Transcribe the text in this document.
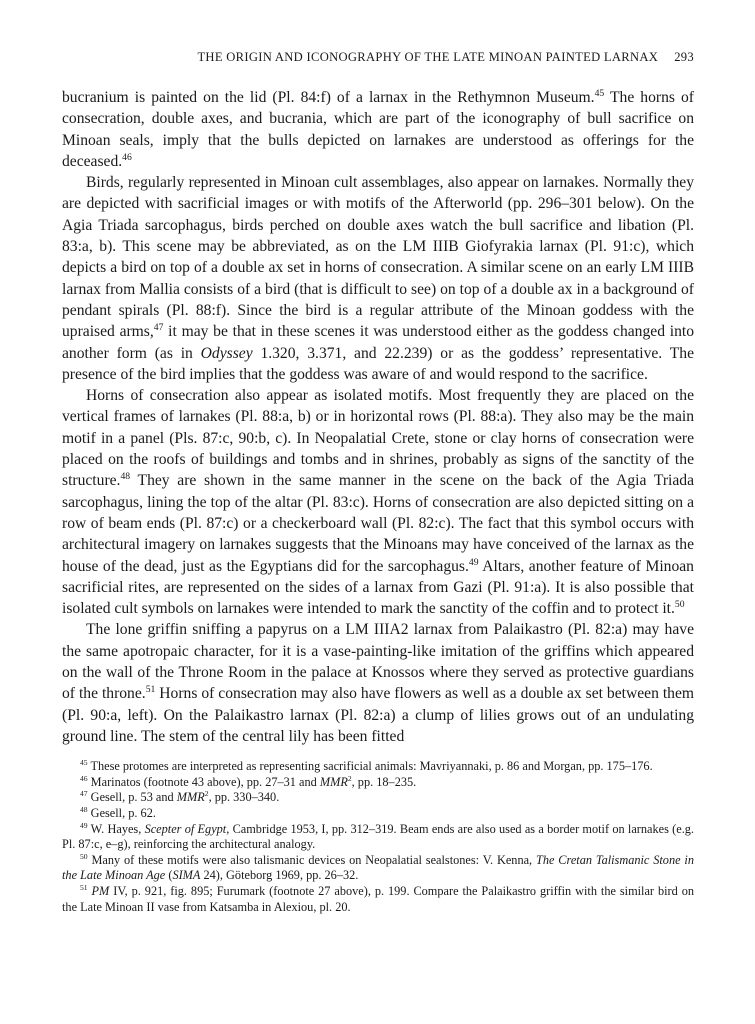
THE ORIGIN AND ICONOGRAPHY OF THE LATE MINOAN PAINTED LARNAX	293

bucranium is painted on the lid (Pl. 84:f) of a larnax in the Rethymnon Museum.$^{45}$ The horns of consecration, double axes, and bucrania, which are part of the iconography of bull sacrifice on Minoan seals, imply that the bulls depicted on larnakes are understood as offerings for the deceased.$^{46}$

Birds, regularly represented in Minoan cult assemblages, also appear on larnakes. Normally they are depicted with sacrificial images or with motifs of the Afterworld (pp. 296–301 below). On the Agia Triada sarcophagus, birds perched on double axes watch the bull sacrifice and libation (Pl. 83:a, b). This scene may be abbreviated, as on the LM IIIB Giofyrakia larnax (Pl. 91:c), which depicts a bird on top of a double ax set in horns of consecration. A similar scene on an early LM IIIB larnax from Mallia consists of a bird (that is difficult to see) on top of a double ax in a background of pendant spirals (Pl. 88:f). Since the bird is a regular attribute of the Minoan goddess with the upraised arms,$^{47}$ it may be that in these scenes it was understood either as the goddess changed into another form (as in Odyssey 1.320, 3.371, and 22.239) or as the goddess’ representative. The presence of the bird implies that the goddess was aware of and would respond to the sacrifice.

Horns of consecration also appear as isolated motifs. Most frequently they are placed on the vertical frames of larnakes (Pl. 88:a, b) or in horizontal rows (Pl. 88:a). They also may be the main motif in a panel (Pls. 87:c, 90:b, c). In Neopalatial Crete, stone or clay horns of consecration were placed on the roofs of buildings and tombs and in shrines, probably as signs of the sanctity of the structure.$^{48}$ They are shown in the same manner in the scene on the back of the Agia Triada sarcophagus, lining the top of the altar (Pl. 83:c). Horns of consecration are also depicted sitting on a row of beam ends (Pl. 87:c) or a checkerboard wall (Pl. 82:c). The fact that this symbol occurs with architectural imagery on larnakes suggests that the Minoans may have conceived of the larnax as the house of the dead, just as the Egyptians did for the sarcophagus.$^{49}$ Altars, another feature of Minoan sacrificial rites, are represented on the sides of a larnax from Gazi (Pl. 91:a). It is also possible that isolated cult symbols on larnakes were intended to mark the sanctity of the coffin and to protect it.$^{50}$

The lone griffin sniffing a papyrus on a LM IIIA2 larnax from Palaikastro (Pl. 82:a) may have the same apotropaic character, for it is a vase-painting-like imitation of the griffins which appeared on the wall of the Throne Room in the palace at Knossos where they served as protective guardians of the throne.$^{51}$ Horns of consecration may also have flowers as well as a double ax set between them (Pl. 90:a, left). On the Palaikastro larnax (Pl. 82:a) a clump of lilies grows out of an undulating ground line. The stem of the central lily has been fitted

$^{45}$ These protomes are interpreted as representing sacrificial animals: Mavriyannaki, p. 86 and Morgan, pp. 175–176.

$^{46}$ Marinatos (footnote 43 above), pp. 27–31 and MMR$^2$, pp. 18–235.

$^{47}$ Gesell, p. 53 and MMR$^2$, pp. 330–340.

$^{48}$ Gesell, p. 62.

$^{49}$ W. Hayes, Scepter of Egypt, Cambridge 1953, I, pp. 312–319. Beam ends are also used as a border motif on larnakes (e.g. Pl. 87:c, e–g), reinforcing the architectural analogy.

$^{50}$ Many of these motifs were also talismanic devices on Neopalatial sealstones: V. Kenna, The Cretan Talismanic Stone in the Late Minoan Age (SIMA 24), Göteborg 1969, pp. 26–32.

$^{51}$ PM IV, p. 921, fig. 895; Furumark (footnote 27 above), p. 199. Compare the Palaikastro griffin with the similar bird on the Late Minoan II vase from Katsamba in Alexiou, pl. 20.
